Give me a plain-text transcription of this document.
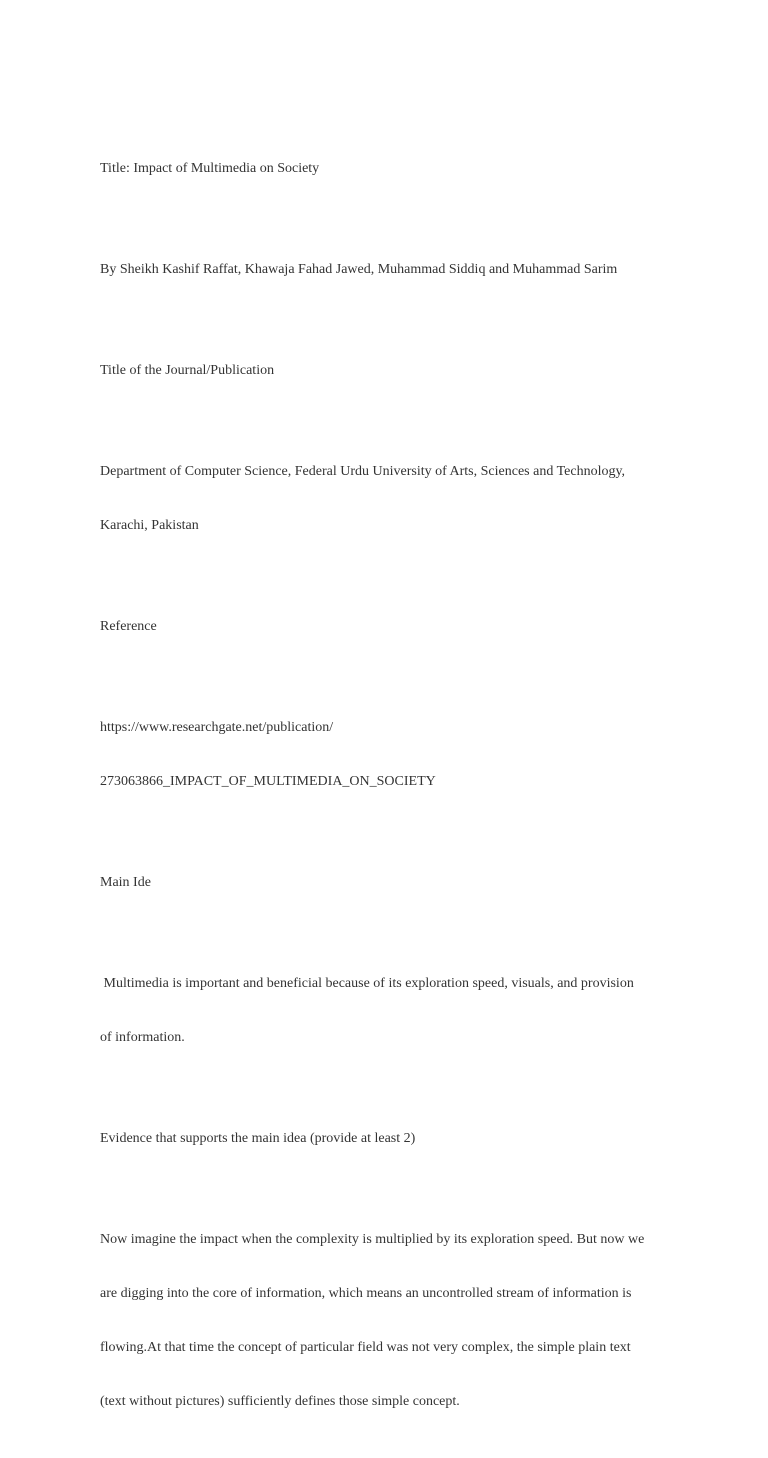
Title: Impact of Multimedia on Society

By Sheikh Kashif Raffat, Khawaja Fahad Jawed, Muhammad Siddiq and Muhammad Sarim

Title of the Journal/Publication

Department of Computer Science, Federal Urdu University of Arts, Sciences and Technology,

Karachi, Pakistan

Reference

https://www.researchgate.net/publication/

273063866_IMPACT_OF_MULTIMEDIA_ON_SOCIETY

Main Ide

Multimedia is important and beneficial because of its exploration speed, visuals, and provision

of information.

Evidence that supports the main idea (provide at least 2)

Now imagine the impact when the complexity is multiplied by its exploration speed. But now we

are digging into the core of information, which means an uncontrolled stream of information is

flowing.At that time the concept of particular field was not very complex, the simple plain text

(text without pictures) sufficiently defines those simple concept.
